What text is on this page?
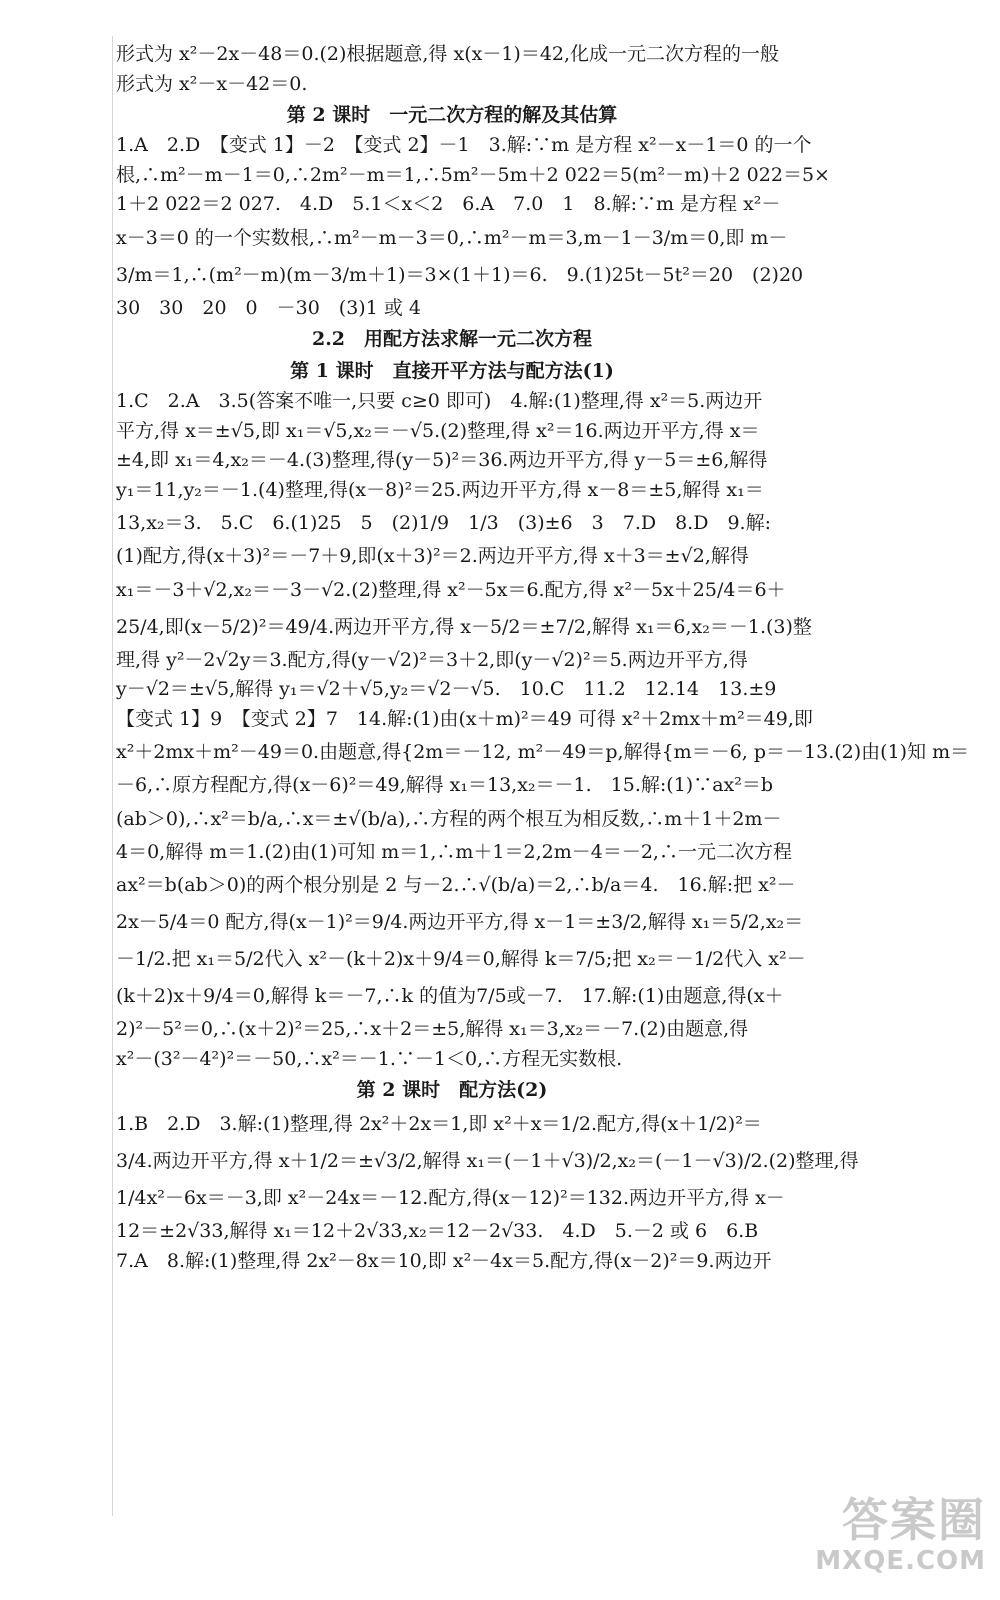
形式为 x²－2x－48＝0.(2)根据题意,得 x(x－1)＝42,化成一元二次方程的一般
形式为 x²－x－42＝0.
第 2 课时　一元二次方程的解及其估算
1.A　2.D　【变式 1】－2　【变式 2】－1　3.解:∵m 是方程 x²－x－1＝0 的一个
根,∴m²－m－1＝0,∴2m²－m＝1,∴5m²－5m＋2 022＝5(m²－m)＋2 022＝5×
1＋2 022＝2 027.　4.D　5.1＜x＜2　6.A　7.0　1　8.解:∵m 是方程 x²－
x－3＝0 的一个实数根,∴m²－m－3＝0,∴m²－m＝3,m－1－3/m＝0,即 m－
3/m＝1,∴(m²－m)(m－3/m＋1)＝3×(1＋1)＝6.　9.(1)25t－5t²＝20　(2)20
30　30　20　0　－30　(3)1 或 4
2.2　用配方法求解一元二次方程
第 1 课时　直接开平方法与配方法(1)
1.C　2.A　3.5(答案不唯一,只要 c≥0 即可)　4.解:(1)整理,得 x²＝5.两边开
平方,得 x＝±√5,即 x₁＝√5,x₂＝－√5.(2)整理,得 x²＝16.两边开平方,得 x＝
±4,即 x₁＝4,x₂＝－4.(3)整理,得(y－5)²＝36.两边开平方,得 y－5＝±6,解得
y₁＝11,y₂＝－1.(4)整理,得(x－8)²＝25.两边开平方,得 x－8＝±5,解得 x₁＝
13,x₂＝3.　5.C　6.(1)25　5　(2)1/9　1/3　(3)±6　3　7.D　8.D　9.解:
(1)配方,得(x＋3)²＝－7＋9,即(x＋3)²＝2.两边开平方,得 x＋3＝±√2,解得
x₁＝－3＋√2,x₂＝－3－√2.(2)整理,得 x²－5x＝6.配方,得 x²－5x＋25/4＝6＋
25/4,即(x－5/2)²＝49/4.两边开平方,得 x－5/2＝±7/2,解得 x₁＝6,x₂＝－1.(3)整
理,得 y²－2√2y＝3.配方,得(y－√2)²＝3＋2,即(y－√2)²＝5.两边开平方,得
y－√2＝±√5,解得 y₁＝√2＋√5,y₂＝√2－√5.　10.C　11.2　12.14　13.±9
【变式 1】9　【变式 2】7　14.解:(1)由(x＋m)²＝49 可得 x²＋2mx＋m²＝49,即
x²＋2mx＋m²－49＝0.由题意,得{2m＝－12, m²－49＝p,解得{m＝－6, p＝－13.(2)由(1)知 m＝
－6,∴原方程配方,得(x－6)²＝49,解得 x₁＝13,x₂＝－1.　15.解:(1)∵ax²＝b
(ab＞0),∴x²＝b/a,∴x＝±√(b/a),∴方程的两个根互为相反数,∴m＋1＋2m－
4＝0,解得 m＝1.(2)由(1)可知 m＝1,∴m＋1＝2,2m－4＝－2,∴一元二次方程
ax²＝b(ab＞0)的两个根分别是 2 与－2.∴√(b/a)＝2,∴b/a＝4.　16.解:把 x²－
2x－5/4＝0 配方,得(x－1)²＝9/4.两边开平方,得 x－1＝±3/2,解得 x₁＝5/2,x₂＝
－1/2.把 x₁＝5/2代入 x²－(k＋2)x＋9/4＝0,解得 k＝7/5;把 x₂＝－1/2代入 x²－
(k＋2)x＋9/4＝0,解得 k＝－7,∴k 的值为7/5或－7.　17.解:(1)由题意,得(x＋
2)²－5²＝0,∴(x＋2)²＝25,∴x＋2＝±5,解得 x₁＝3,x₂＝－7.(2)由题意,得
x²－(3²－4²)²＝－50,∴x²＝－1.∵－1＜0,∴方程无实数根.
第 2 课时　配方法(2)
1.B　2.D　3.解:(1)整理,得 2x²＋2x＝1,即 x²＋x＝1/2.配方,得(x＋1/2)²＝
3/4.两边开平方,得 x＋1/2＝±√3/2,解得 x₁＝(－1＋√3)/2,x₂＝(－1－√3)/2.(2)整理,得
1/4x²－6x＝－3,即 x²－24x＝－12.配方,得(x－12)²＝132.两边开平方,得 x－
12＝±2√33,解得 x₁＝12＋2√33,x₂＝12－2√33.　4.D　5.－2 或 6　6.B
7.A　8.解:(1)整理,得 2x²－8x＝10,即 x²－4x＝5.配方,得(x－2)²＝9.两边开
答案圈
MXQE.COM
